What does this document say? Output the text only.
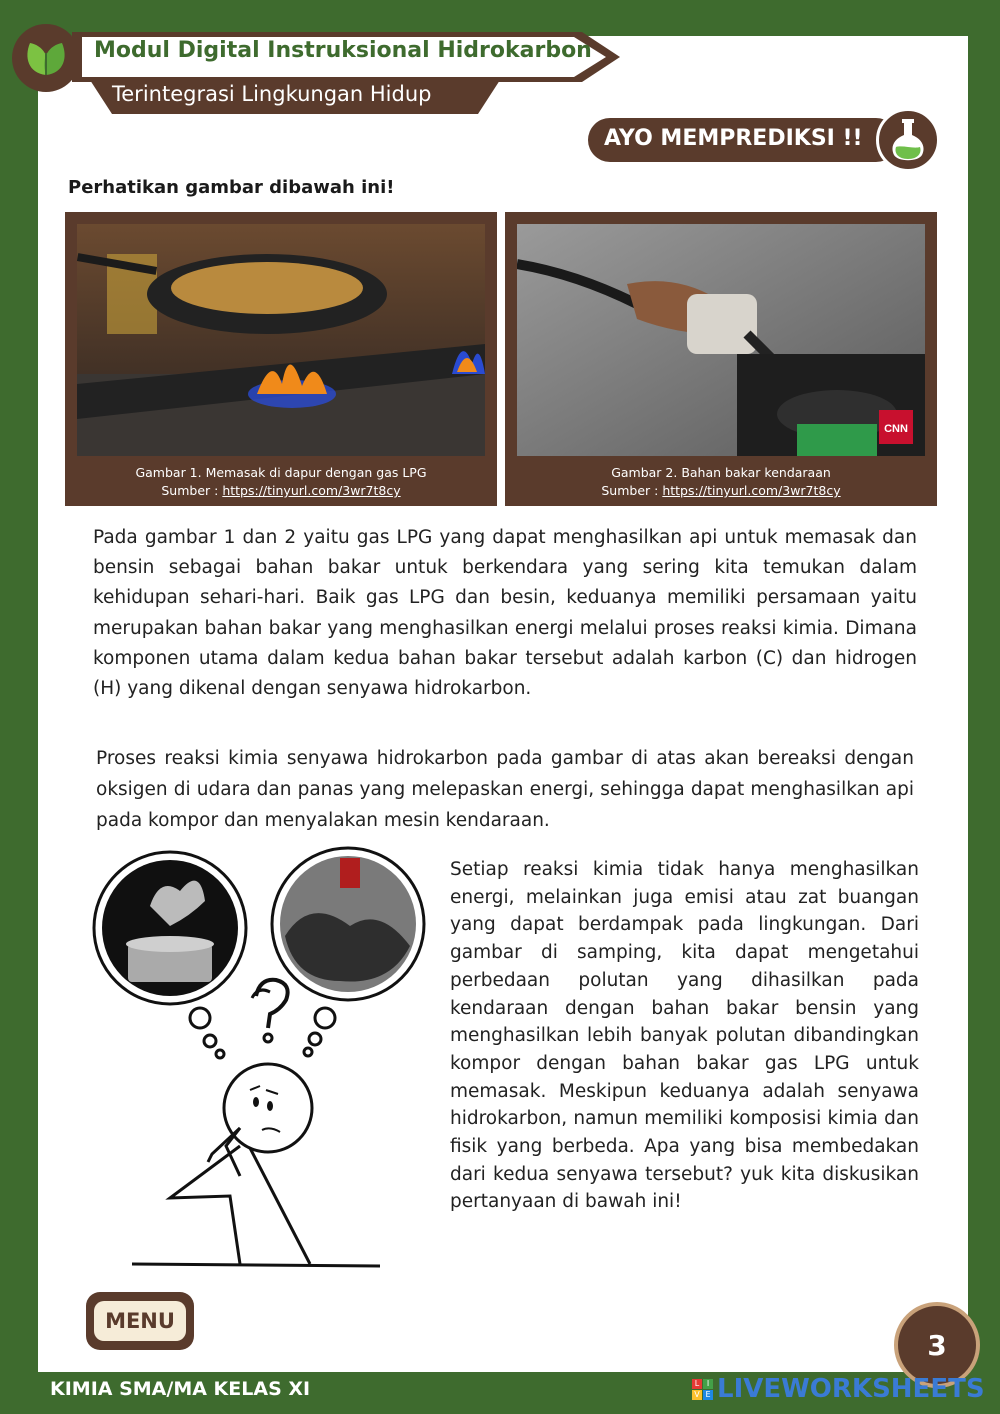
Modul Digital Instruksional Hidrokarbon
Terintegrasi Lingkungan Hidup
AYO MEMPREDIKSI !!
Perhatikan gambar dibawah ini!
Gambar 1. Memasak di dapur dengan gas LPG
Sumber : https://tinyurl.com/3wr7t8cy
CNN
Gambar 2. Bahan bakar kendaraan
Sumber : https://tinyurl.com/3wr7t8cy

Pada gambar 1 dan 2 yaitu gas LPG yang dapat menghasilkan api untuk memasak dan bensin sebagai bahan bakar untuk berkendara yang sering kita temukan dalam kehidupan sehari-hari. Baik gas LPG dan besin, keduanya memiliki persamaan yaitu merupakan bahan bakar yang menghasilkan energi melalui proses reaksi kimia. Dimana komponen utama dalam kedua bahan bakar tersebut adalah karbon (C) dan hidrogen (H) yang dikenal dengan senyawa hidrokarbon.

Proses reaksi kimia senyawa hidrokarbon pada gambar di atas akan bereaksi dengan oksigen di udara dan panas yang melepaskan energi, sehingga dapat menghasilkan api pada kompor dan menyalakan mesin kendaraan.

Setiap reaksi kimia tidak hanya menghasilkan energi, melainkan juga emisi atau zat buangan yang dapat berdampak pada lingkungan. Dari gambar di samping, kita dapat mengetahui perbedaan polutan yang dihasilkan pada kendaraan dengan bahan bakar bensin yang menghasilkan lebih banyak polutan dibandingkan kompor dengan bahan bakar gas LPG untuk memasak. Meskipun keduanya adalah senyawa hidrokarbon, namun memiliki komposisi kimia dan fisik yang berbeda. Apa yang bisa membedakan dari kedua senyawa tersebut? yuk kita diskusikan pertanyaan di bawah ini!

MENU
3
KIMIA SMA/MA KELAS XI	L I
V E LIVEWORKSHEETS
